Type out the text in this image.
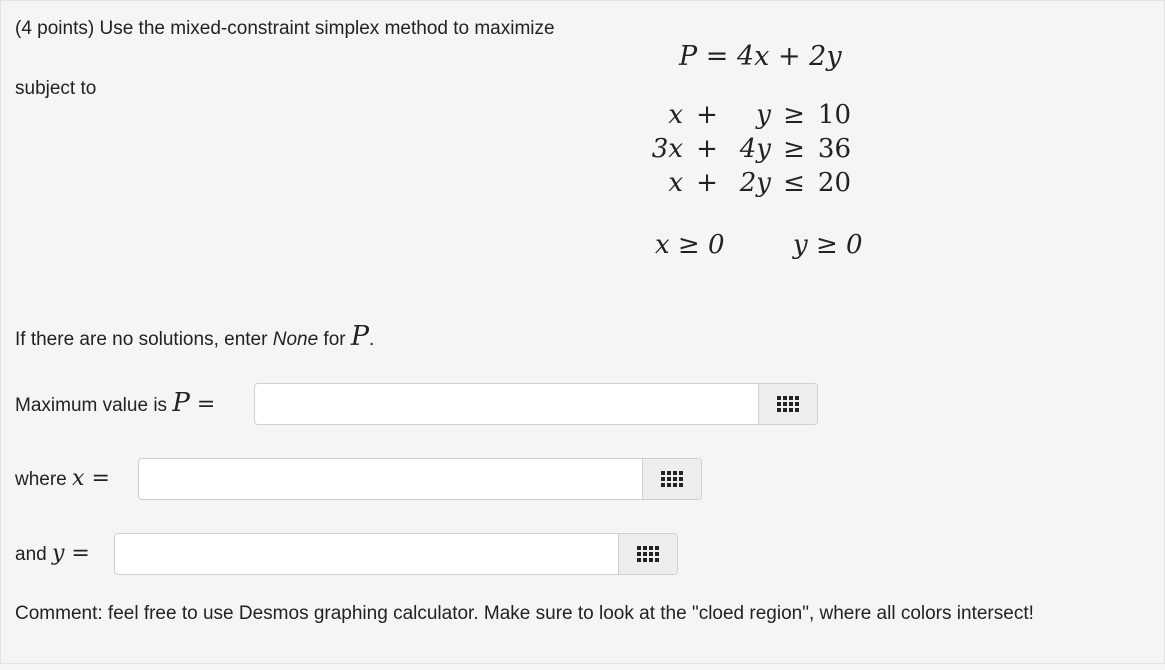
(4 points) Use the mixed-constraint simplex method to maximize
P = 4x + 2y
subject to
x	+	y	≥	10
3x	+	4y	≥	36
x	+	2y	≤	20
x ≥ 0	y ≥ 0
If there are no solutions, enter None for P.
Maximum value is P =
where x =
and y =
Comment: feel free to use Desmos graphing calculator. Make sure to look at the "cloed region", where all colors intersect!
